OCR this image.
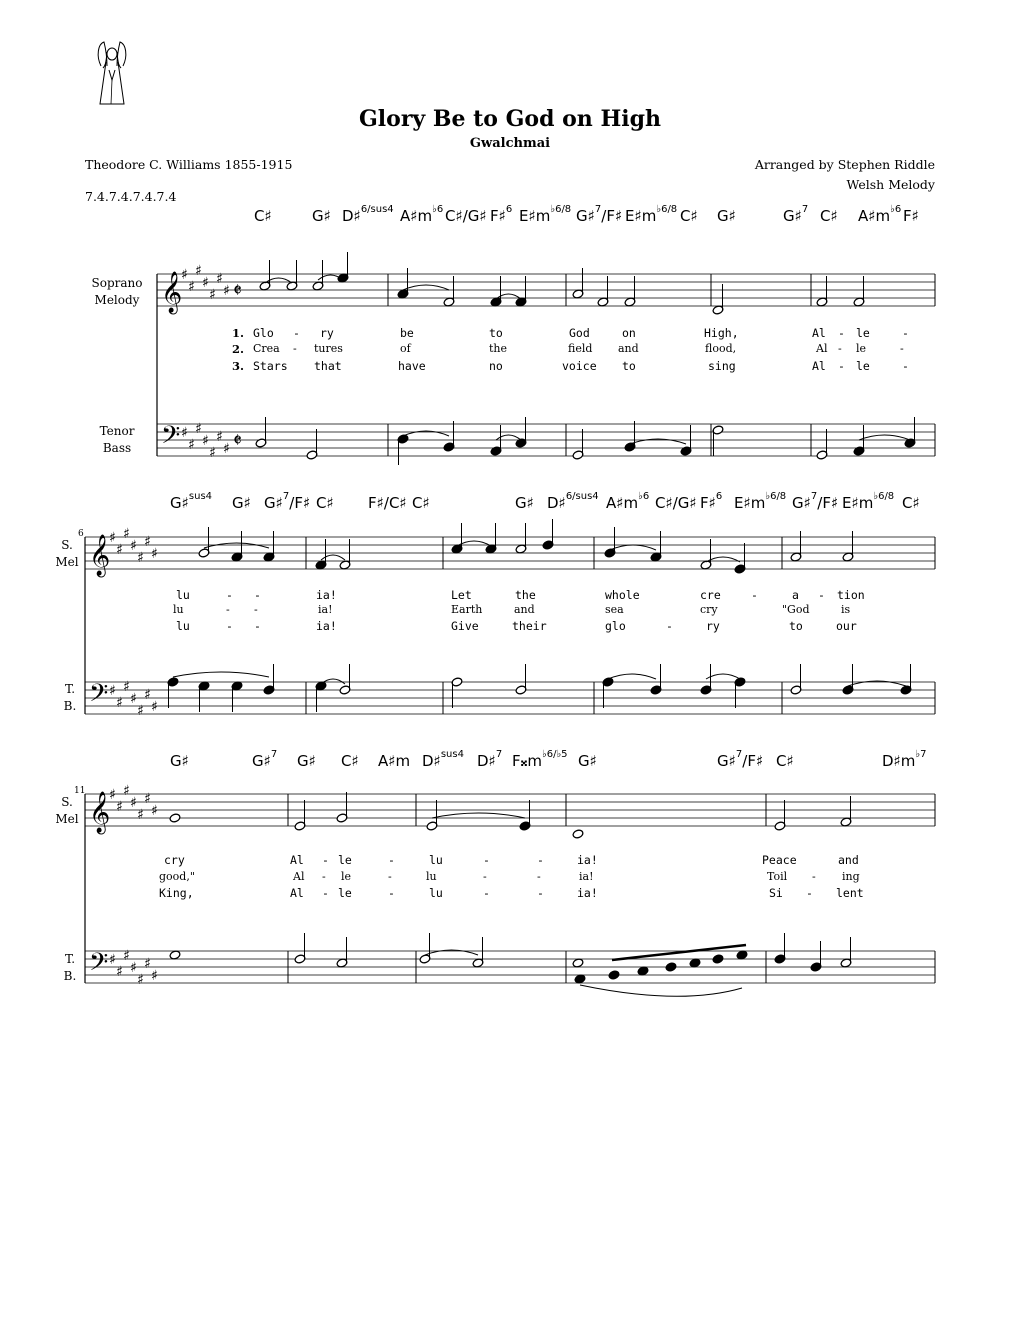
Glory Be to God on High
Gwalchmai
Theodore C. Williams 1855-1915
7.4.7.4.7.4.7.4
Arranged by Stephen Riddle
Welsh Melody
Soprano
Melody
Tenor
Bass
S.
Mel
T.
B.
S.
Mel
T.
B.
6
11
C♯	G♯ D♯$^{6/sus4}$ $A♯m^{♭6}$ C♯/G♯ F♯$^6$ $E♯m^{♭6/8}$ G♯$^7$/F♯ $E♯m^{♭6/8}$ C♯ G♯	G♯$^7$ C♯ $A♯m^{♭6}$ F♯
G♯$^{sus4}$ G♯ G♯$^7$/F♯ C♯ F♯/C♯ C♯	G♯ D♯$^{6/sus4}$ $A♯m^{♭6}$ C♯/G♯ F♯$^6$ $E♯m^{♭6/8}$ G♯$^7$/F♯ $E♯m^{♭6/8}$ C♯
G♯	G♯$^7$ G♯ C♯ A♯m D♯$^{sus4}$ D♯$^7$ $F𝄪m^{♭6/♭5}$ G♯	G♯$^7$/F♯ C♯	$D♯m^{♭7}$
𝄞
𝄢
♯
♯
♯
♯
♯
♯
♯
♯
♯
♯
♯
♯
♯
♯
𝄵
𝄵
𝄞
𝄢
♯
♯
♯
♯
♯
♯
♯
♯
♯
♯
♯
♯
♯
♯
𝄞
𝄢
♯
♯
♯
♯
♯
♯
♯
♯
♯
♯
♯
♯
♯
♯
1.
2.
3.
Glo - ry	be	to	God	on	High,	Al - le	-
Crea - tures	of	the	field and	flood,	Al - le	-
Stars that	have	no	voice to	sing	Al - le	-
lu	- -	ia!	Let	the	whole	cre	-	a - tion
lu	- -	ia!	Earth	and	sea	cry	"God	is
lu	- -	ia!	Give	their	glo	-	ry	to	our
cry	Al - le	-	lu	-	-	ia!	Peace	and
good,"	Al - le	-	lu	-	-	ia!	Toil - ing
King,	Al - le	-	lu	-	-	ia!	Si - lent
